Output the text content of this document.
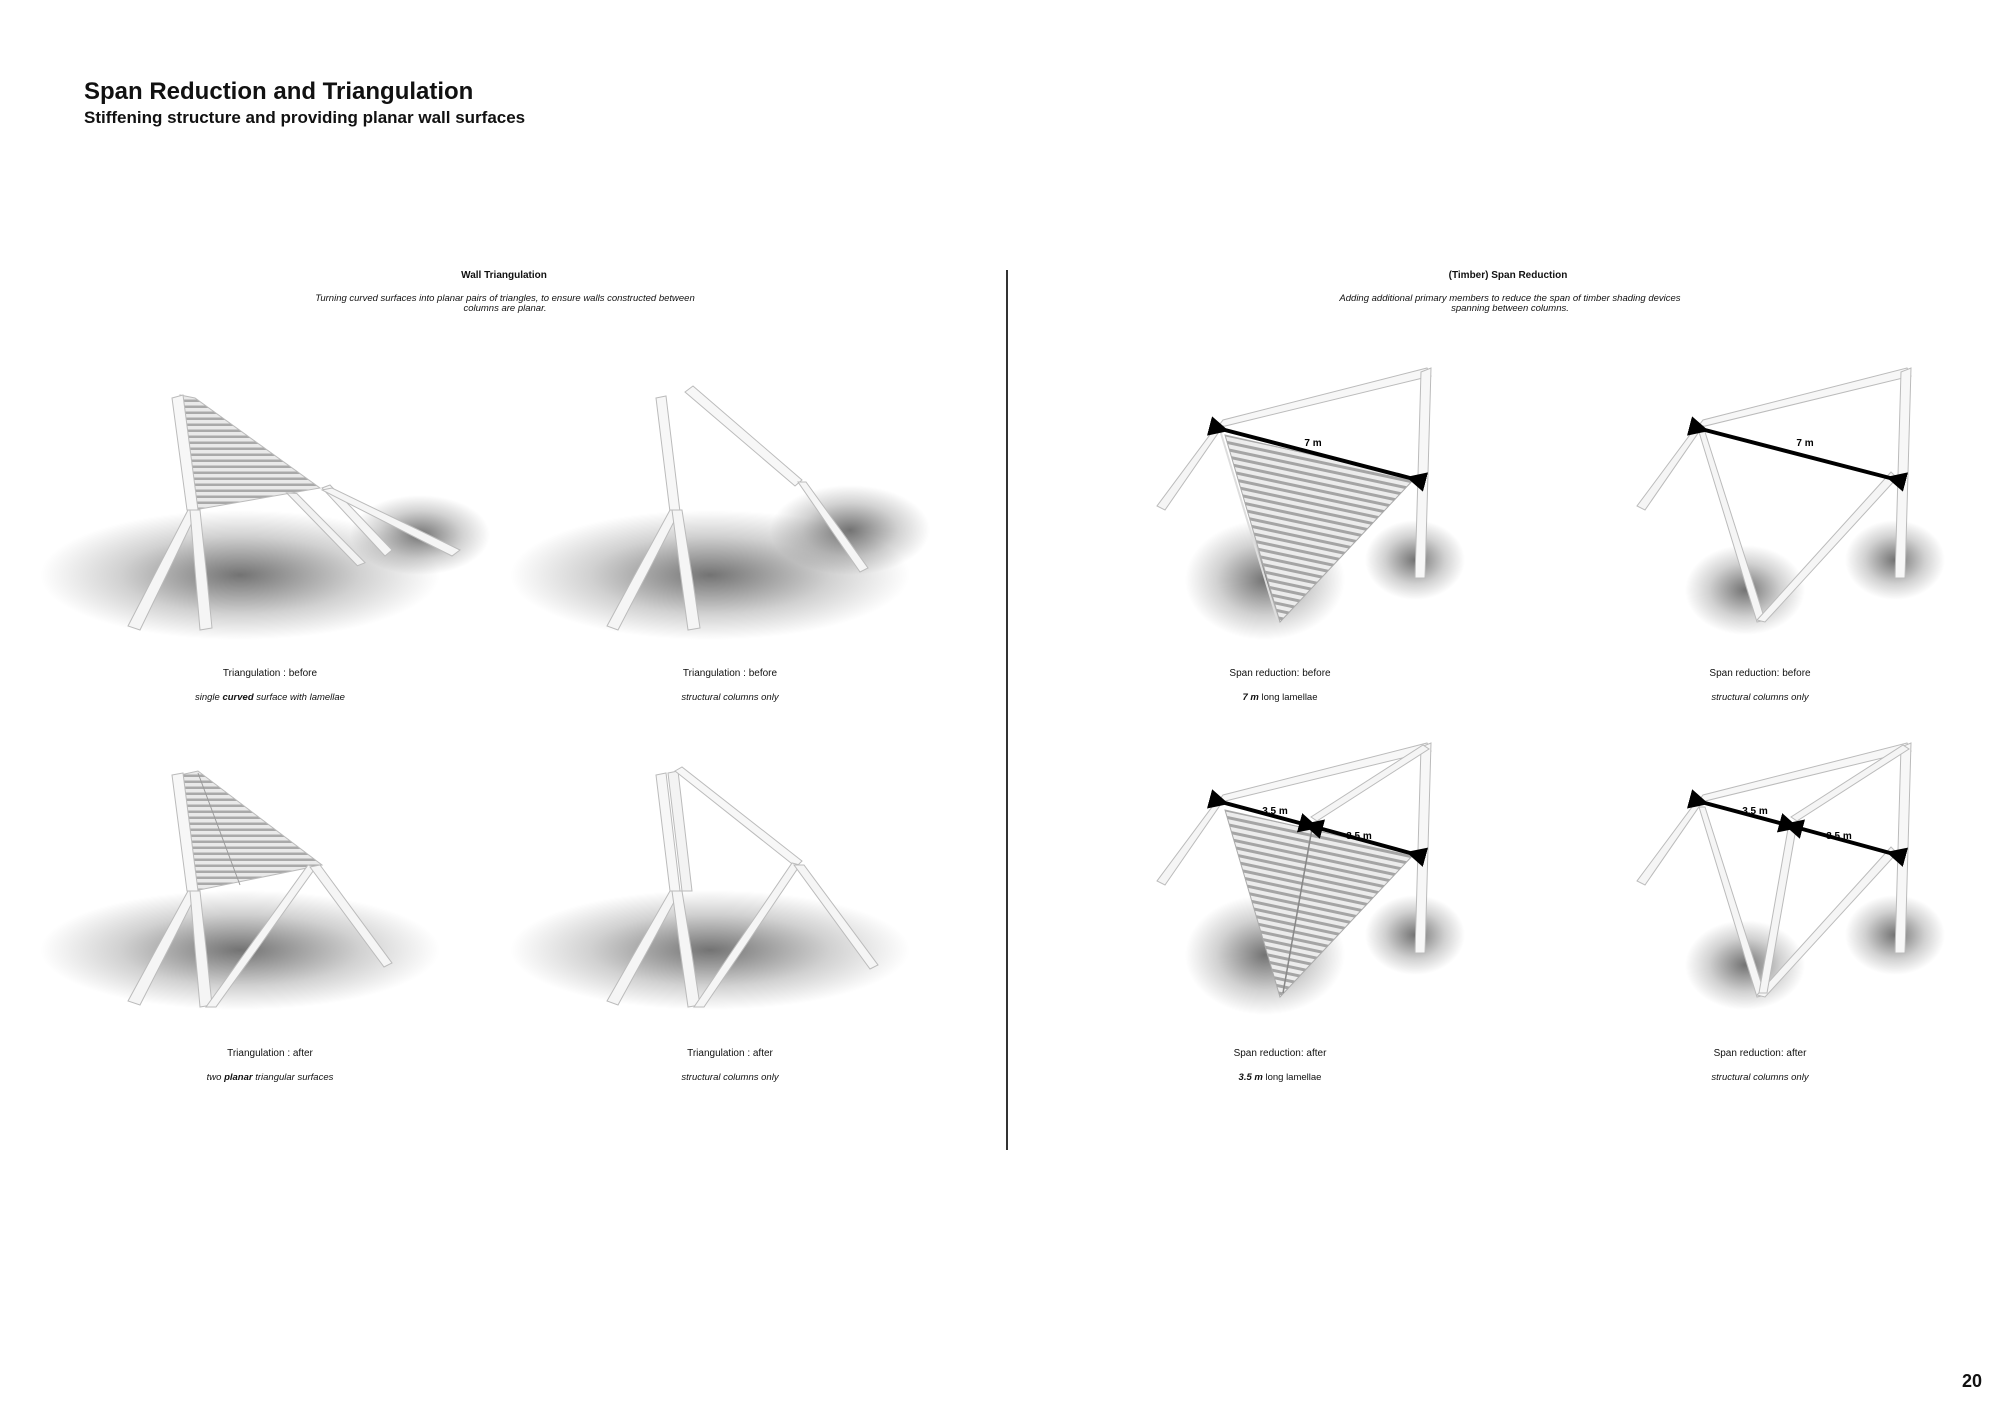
Span Reduction and Triangulation
Stiffening structure and providing planar wall surfaces
Wall Triangulation
Turning curved surfaces into planar pairs of triangles, to ensure walls constructed between columns are planar.
(Timber) Span Reduction
Adding additional primary members to reduce the span of timber shading devices spanning between columns.
Triangulation : before
single curved surface with lamellae
Triangulation : before
structural columns only
Triangulation : after
two planar triangular surfaces
Triangulation : after
structural columns only
7 m
Span reduction: before
7 m long lamellae
7 m
Span reduction: before
structural columns only
3.5 m
3.5 m
Span reduction: after
3.5 m long lamellae
3.5 m
3.5 m
Span reduction: after
structural columns only
20
